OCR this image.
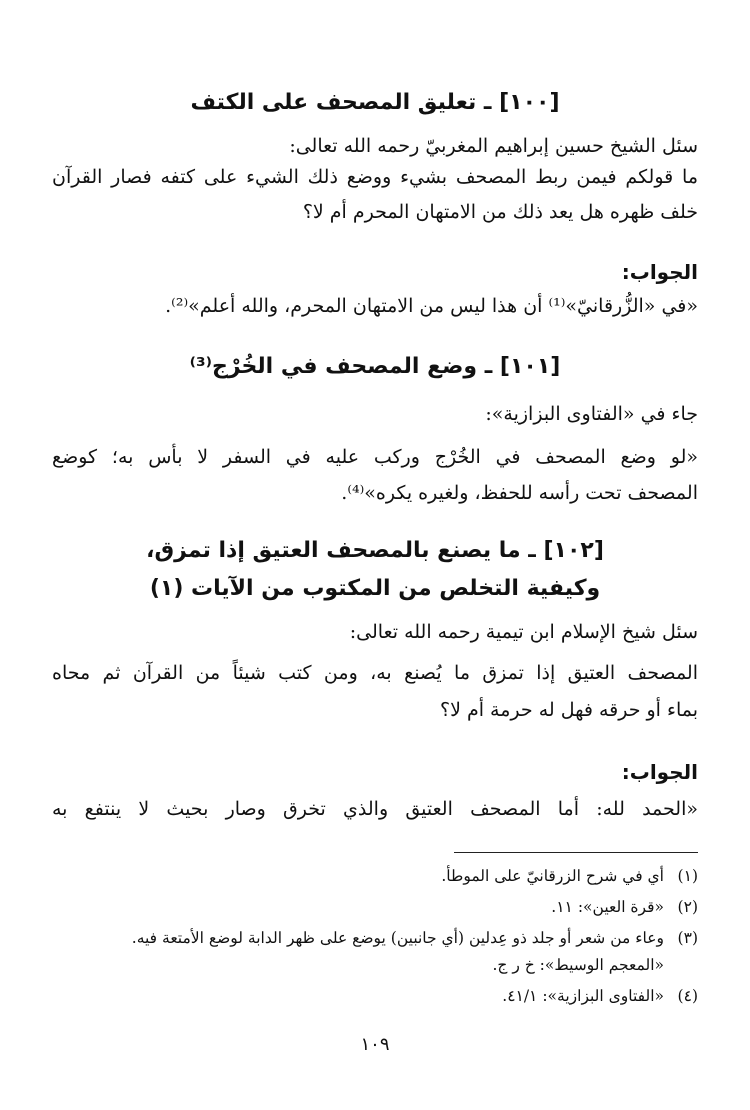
[١٠٠] ـ تعليق المصحف على الكتف
سئل الشيخ حسين إبراهيم المغربيّ رحمه الله تعالى:
ما قولكم فيمن ربط المصحف بشيء ووضع ذلك الشيء على كتفه فصار القرآن
خلف ظهره هل يعد ذلك من الامتهان المحرم أم لا؟
الجواب:
«في «الزُّرقانيّ»⁽¹⁾ أن هذا ليس من الامتهان المحرم، والله أعلم»⁽²⁾.
[١٠١] ـ وضع المصحف في الخُرْج⁽³⁾
جاء في «الفتاوى البزازية»:
«لو وضع المصحف في الخُرْج وركب عليه في السفر لا بأس به؛ كوضع
المصحف تحت رأسه للحفظ، ولغيره يكره»⁽⁴⁾.
[١٠٢] ـ ما يصنع بالمصحف العتيق إذا تمزق،
وكيفية التخلص من المكتوب من الآيات (١)
سئل شيخ الإسلام ابن تيمية رحمه الله تعالى:
المصحف العتيق إذا تمزق ما يُصنع به، ومن كتب شيئاً من القرآن ثم محاه
بماء أو حرقه فهل له حرمة أم لا؟
الجواب:
«الحمد لله: أما المصحف العتيق والذي تخرق وصار بحيث لا ينتفع به
(١)أي في شرح الزرقانيّ على الموطأ.
(٢)«قرة العين»: ١١.
(٣)وعاء من شعر أو جلد ذو عِدلين (أي جانبين) يوضع على ظهر الدابة لوضع الأمتعة فيه.
«المعجم الوسيط»: خ ر ج.
(٤)«الفتاوى البزازية»: ٤١/١.
١٠٩
